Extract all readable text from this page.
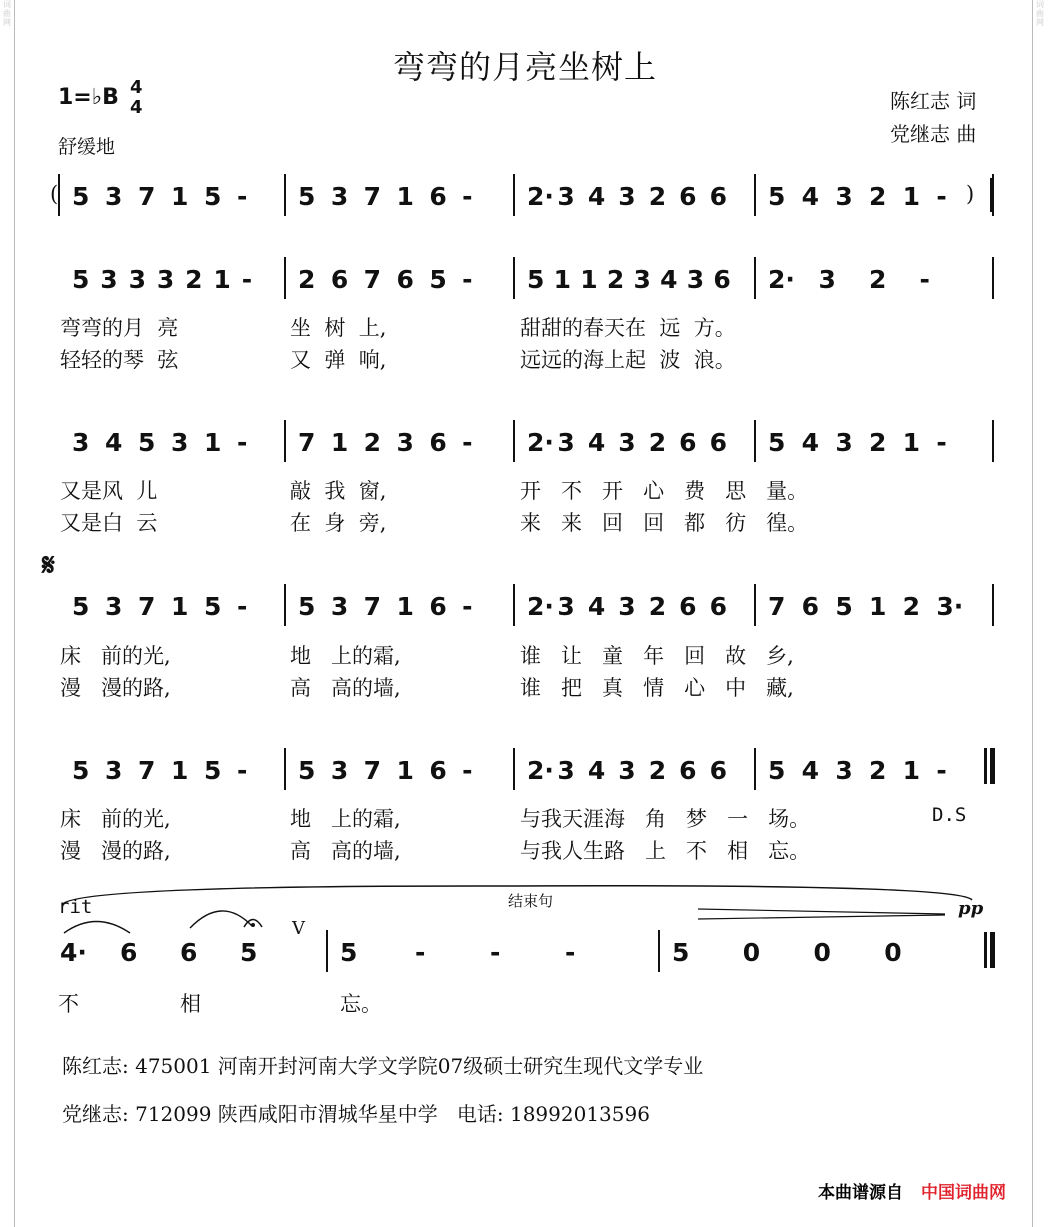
词曲网
词曲网
弯弯的月亮坐树上
1=♭B 4
4
舒缓地
陈红志 词
党继志 曲
5 3 7 1 5 - 5 3 7 1 6 - 2· 3 4 3 2 6 6 5 4 3 2 1 -
5 3 3 3 2 1 - 2 6 7 6 5 - 5 1 1 2 3 4 3 6 2· 3 2 -
弯弯的月  亮	坐  树  上,	甜甜的春天在  远  方。
轻轻的琴  弦	又  弹  响,	远远的海上起  波  浪。
3 4 5 3 1 - 7 1 2 3 6 - 2· 3 4 3 2 6 6 5 4 3 2 1 -
又是风  儿	敲  我  窗,	开   不   开   心   费   思   量。
又是白  云	在  身  旁,	来   来   回   回   都   彷   徨。
5 3 7 1 5 - 5 3 7 1 6 - 2· 3 4 3 2 6 6 7 6 5 1 2 3·
床   前的光,	地   上的霜,	谁   让   童   年   回   故   乡,
漫   漫的路,	高   高的墙,	谁   把   真   情   心   中   藏,
5 3 7 1 5 - 5 3 7 1 6 - 2· 3 4 3 2 6 6 5 4 3 2 1 -
床   前的光,	地   上的霜,	与我天涯海   角   梦   一   场。
漫   漫的路,	高   高的墙,	与我人生路   上   不   相   忘。
4· 6 6 5	5 -	-	-	5 0 0 0
不	相	忘。
(	)
𝄋
D.S
rit	结束句	pp
V
陈红志: 475001 河南开封河南大学文学院07级硕士研究生现代文学专业
党继志: 712099 陕西咸阳市渭城华星中学   电话: 18992013596
本曲谱源自 中国词曲网
